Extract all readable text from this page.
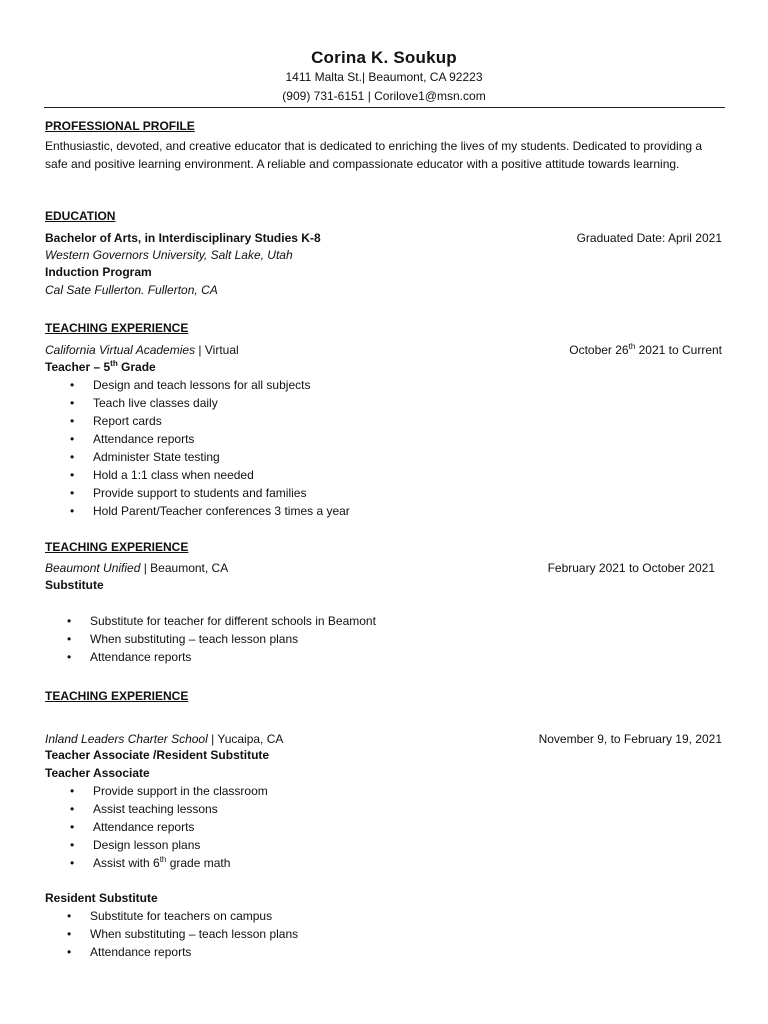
Corina K. Soukup
1411 Malta St.| Beaumont, CA 92223
(909) 731-6151 | Corilove1@msn.com
PROFESSIONAL PROFILE
Enthusiastic, devoted, and creative educator that is dedicated to enriching the lives of my students. Dedicated to providing a safe and positive learning environment. A reliable and compassionate educator with a positive attitude towards learning.
EDUCATION
Bachelor of Arts, in Interdisciplinary Studies K-8	Graduated Date: April 2021
Western Governors University, Salt Lake, Utah
Induction Program
Cal Sate Fullerton. Fullerton, CA
TEACHING EXPERIENCE
California Virtual Academies | Virtual	October 26th 2021 to Current
Teacher – 5th Grade
• Design and teach lessons for all subjects
• Teach live classes daily
• Report cards
• Attendance reports
• Administer State testing
• Hold a 1:1 class when needed
• Provide support to students and families
• Hold Parent/Teacher conferences 3 times a year
TEACHING EXPERIENCE
Beaumont Unified | Beaumont, CA	February 2021 to October 2021
Substitute
• Substitute for teacher for different schools in Beamont
• When substituting – teach lesson plans
• Attendance reports
TEACHING EXPERIENCE
Inland Leaders Charter School | Yucaipa, CA	November 9, to February 19, 2021
Teacher Associate /Resident Substitute
Teacher Associate
• Provide support in the classroom
• Assist teaching lessons
• Attendance reports
• Design lesson plans
• Assist with 6th grade math
Resident Substitute
• Substitute for teachers on campus
• When substituting – teach lesson plans
• Attendance reports
